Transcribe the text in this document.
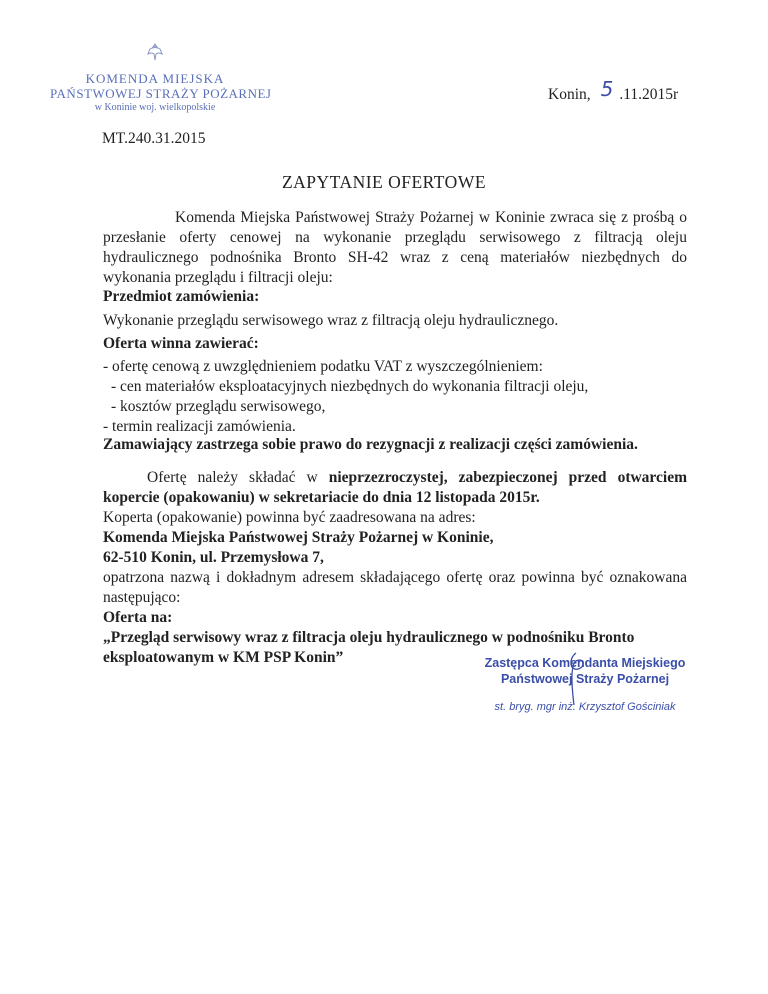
KOMENDA MIEJSKA
PAŃSTWOWEJ STRAŻY POŻARNEJ
w Koninie woj. wielkopolskie
Konin, 5 .11.2015r
MT.240.31.2015
ZAPYTANIE OFERTOWE
Komenda Miejska Państwowej Straży Pożarnej w Koninie zwraca się z prośbą o przesłanie oferty cenowej na wykonanie przeglądu serwisowego z filtracją oleju hydraulicznego podnośnika Bronto SH-42 wraz z ceną materiałów niezbędnych do wykonania przeglądu i filtracji oleju:
Przedmiot zamówienia:
Wykonanie przeglądu serwisowego wraz z filtracją oleju hydraulicznego.
Oferta winna zawierać:
- ofertę cenową z uwzględnieniem podatku VAT z wyszczególnieniem:
- cen materiałów eksploatacyjnych niezbędnych do wykonania filtracji oleju,
- kosztów przeglądu serwisowego,
- termin realizacji zamówienia.
Zamawiający zastrzega sobie prawo do rezygnacji z realizacji części zamówienia.
Ofertę należy składać w nieprzezroczystej, zabezpieczonej przed otwarciem
kopercie (opakowaniu) w sekretariacie do dnia 12 listopada 2015r.
Koperta (opakowanie) powinna być zaadresowana na adres:
Komenda Miejska Państwowej Straży Pożarnej w Koninie,
62-510 Konin, ul. Przemysłowa 7,
opatrzona nazwą i dokładnym adresem składającego ofertę oraz powinna być oznakowana następująco:
Oferta na:
„Przegląd serwisowy wraz z filtracja oleju hydraulicznego w podnośniku Bronto eksploatowanym w KM PSP Konin”	Zastępca Komendanta Miejskiego
Państwowej Straży Pożarnej
st. bryg. mgr inż. Krzysztof Gościniak
